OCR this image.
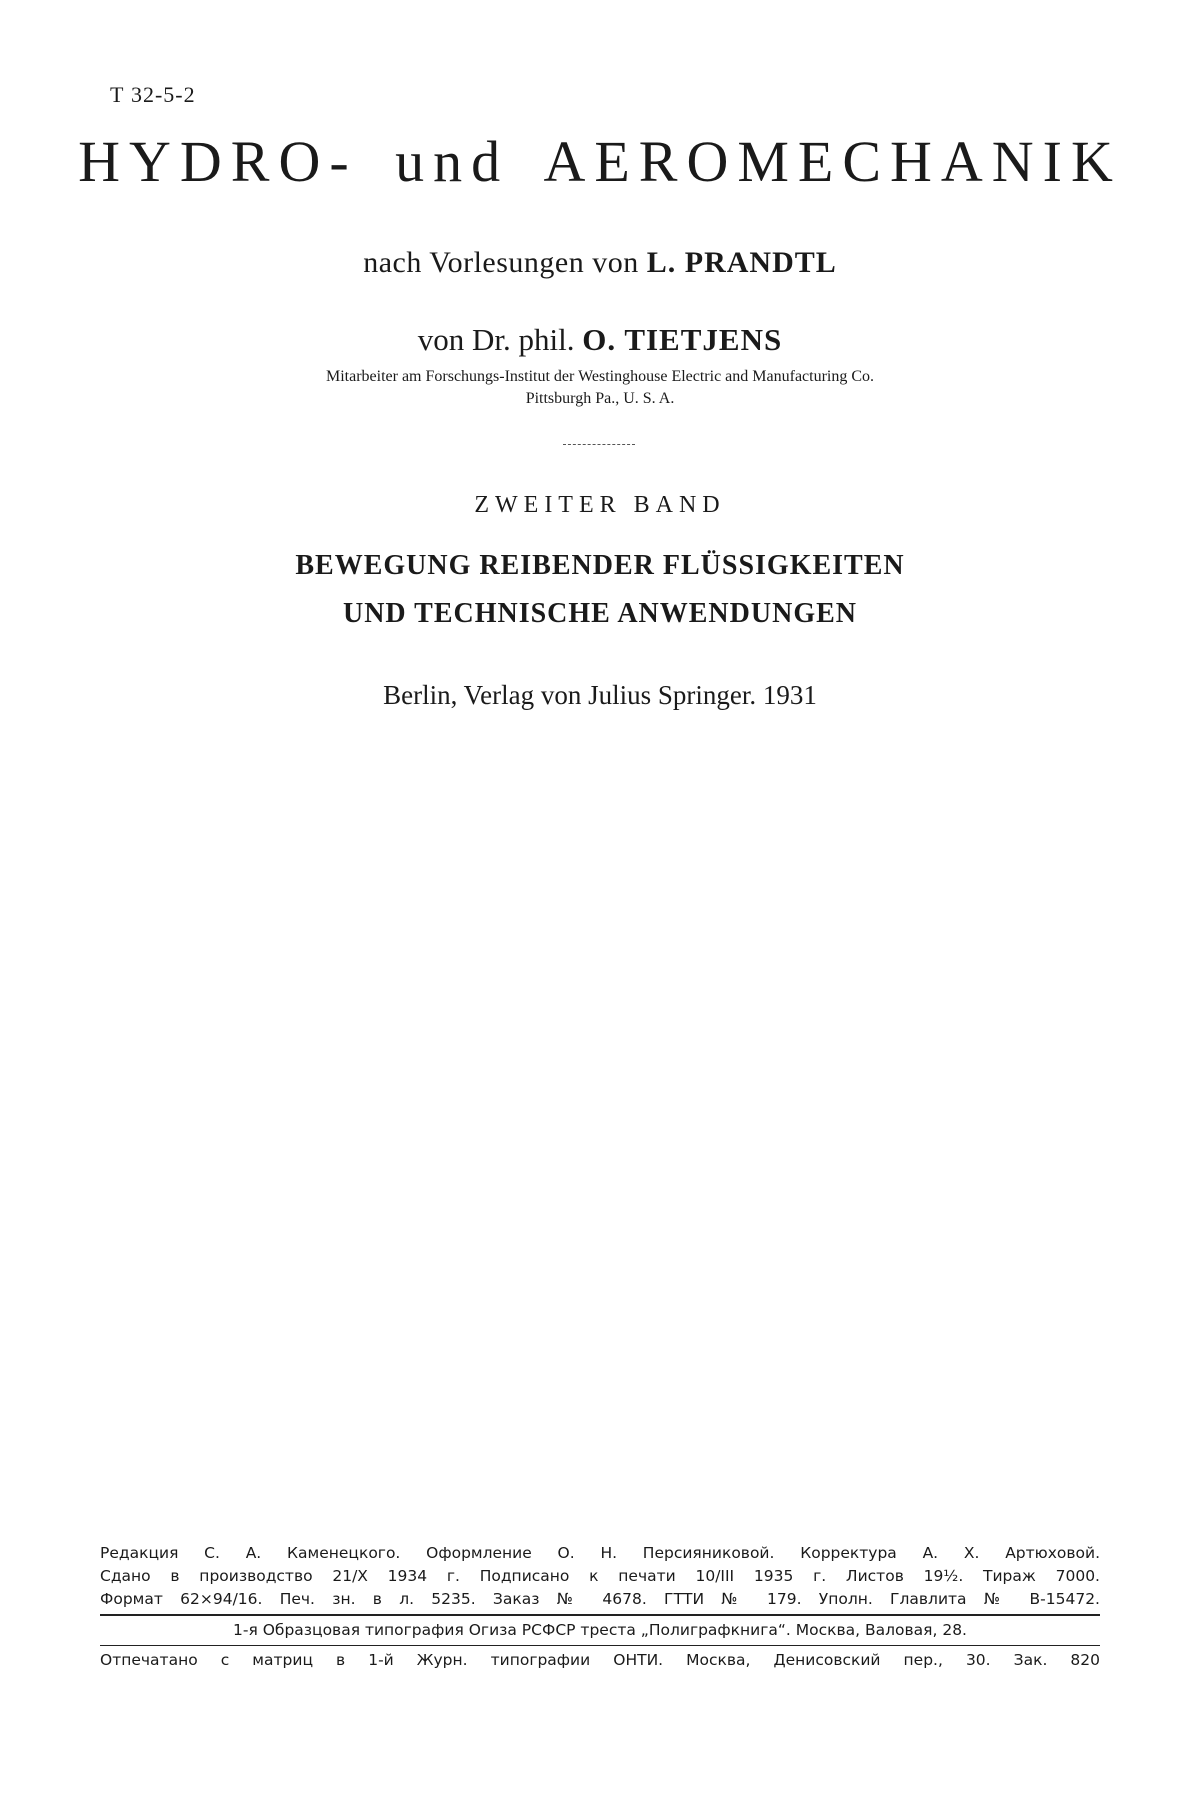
Т 32-5-2
HYDRO- und AEROMECHANIK
nach Vorlesungen von L. PRANDTL
von Dr. phil. O. TIETJENS
Mitarbeiter am Forschungs-Institut der Westinghouse Electric and Manufacturing Co.
Pittsburgh Pa., U. S. A.
ZWEITER BAND
BEWEGUNG REIBENDER FLÜSSIGKEITEN
UND TECHNISCHE ANWENDUNGEN
Berlin, Verlag von Julius Springer. 1931
Редакция С. А. Каменецкого. Оформление О. Н. Персияниковой. Корректура А. Х. Артюховой.
Сдано в производство 21/X 1934 г. Подписано к печати 10/III 1935 г. Листов 19½. Тираж 7000.
Формат 62×94/16. Печ. зн. в л. 5235. Заказ № 4678. ГТТИ № 179. Уполн. Главлита № В-15472.
1-я Образцовая типография Огиза РСФСР треста „Полиграфкнига“. Москва, Валовая, 28.
Отпечатано с матриц в 1-й Журн. типографии ОНТИ. Москва, Денисовский пер., 30. Зак. 820
